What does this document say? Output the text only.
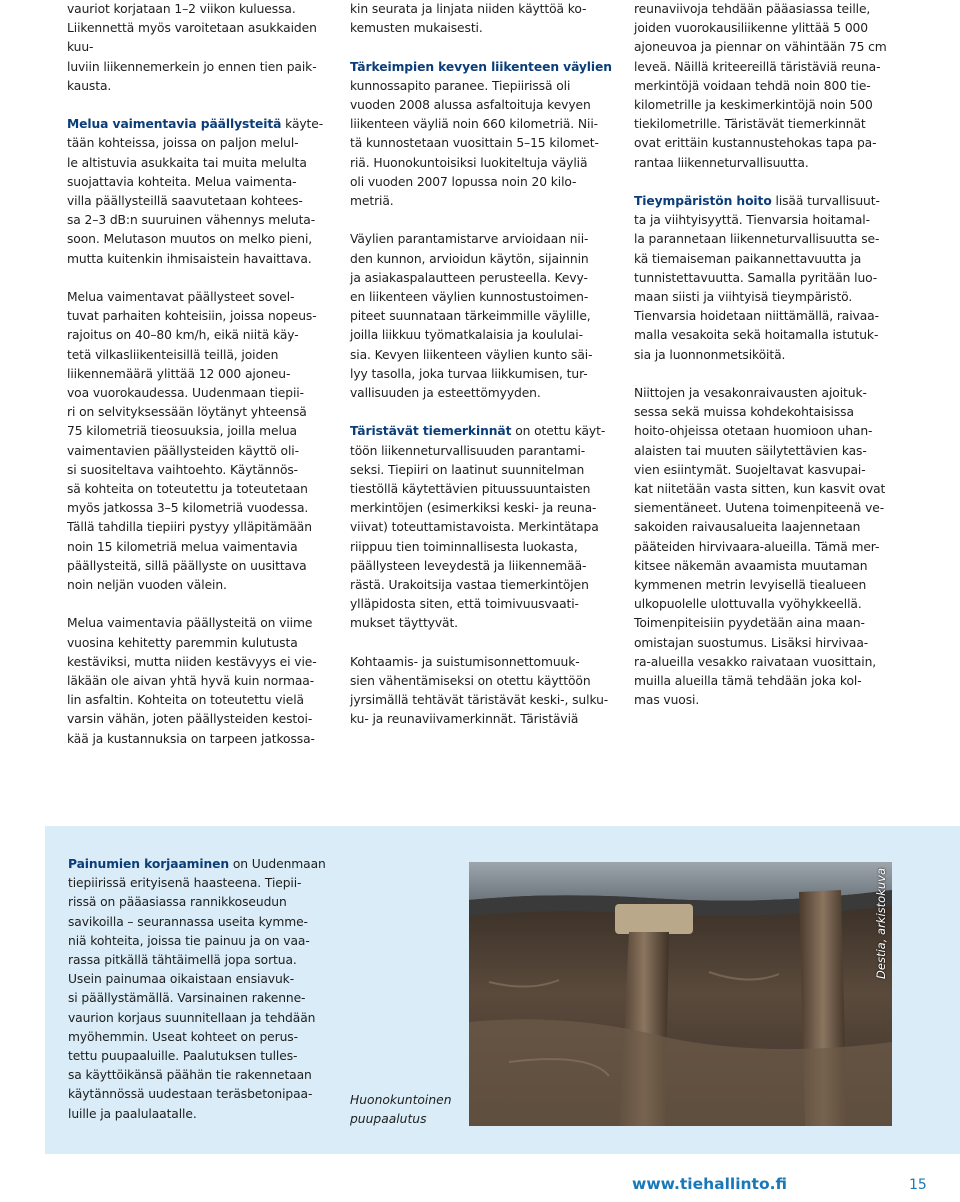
vauriot korjataan 1–2 viikon kuluessa.
Liikennettä myös varoitetaan asukkaiden kuu-
luviin liikennemerkein jo ennen tien paik-
kausta.

Melua vaimentavia päällysteitä käyte-
tään kohteissa, joissa on paljon melul-
le altistuvia asukkaita tai muita melulta
suojattavia kohteita. Melua vaimenta-
villa päällysteillä saavutetaan kohtees-
sa 2–3 dB:n suuruinen vähennys meluta-
soon. Melutason muutos on melko pieni,
mutta kuitenkin ihmisaistein havaittava.

Melua vaimentavat päällysteet sovel-
tuvat parhaiten kohteisiin, joissa nopeus-
rajoitus on 40–80 km/h, eikä niitä käy-
tetä vilkasliikenteisillä teillä, joiden
liikennemäärä ylittää 12 000 ajoneu-
voa vuorokaudessa. Uudenmaan tiepii-
ri on selvityksessään löytänyt yhteensä
75 kilometriä tieosuuksia, joilla melua
vaimentavien päällysteiden käyttö oli-
si suositeltava vaihtoehto. Käytännös-
sä kohteita on toteutettu ja toteutetaan
myös jatkossa 3–5 kilometriä vuodessa.
Tällä tahdilla tiepiiri pystyy ylläpitämään
noin 15 kilometriä melua vaimentavia
päällysteitä, sillä päällyste on uusittava
noin neljän vuoden välein.

Melua vaimentavia päällysteitä on viime
vuosina kehitetty paremmin kulutusta
kestäviksi, mutta niiden kestävyys ei vie-
läkään ole aivan yhtä hyvä kuin normaa-
lin asfaltin. Kohteita on toteutettu vielä
varsin vähän, joten päällysteiden kestoi-
kää ja kustannuksia on tarpeen jatkossa-

kin seurata ja linjata niiden käyttöä ko-
kemusten mukaisesti.

Tärkeimpien kevyen liikenteen väylien kunnossapito paranee. Tiepiirissä oli
vuoden 2008 alussa asfaltoituja kevyen
liikenteen väyliä noin 660 kilometriä. Nii-
tä kunnostetaan vuosittain 5–15 kilomet-
riä. Huonokuntoisiksi luokiteltuja väyliä
oli vuoden 2007 lopussa noin 20 kilo-
metriä.

Väylien parantamistarve arvioidaan nii-
den kunnon, arvioidun käytön, sijainnin
ja asiakaspalautteen perusteella. Kevy-
en liikenteen väylien kunnostustoimen-
piteet suunnataan tärkeimmille väylille,
joilla liikkuu työmatkalaisia ja koululai-
sia. Kevyen liikenteen väylien kunto säi-
lyy tasolla, joka turvaa liikkumisen, tur-
vallisuuden ja esteettömyyden.

Täristävät tiemerkinnät on otettu käyt-
töön liikenneturvallisuuden parantami-
seksi. Tiepiiri on laatinut suunnitelman
tiestöllä käytettävien pituussuuntaisten
merkintöjen (esimerkiksi keski- ja reuna-
viivat) toteuttamistavoista. Merkintätapa
riippuu tien toiminnallisesta luokasta,
päällysteen leveydestä ja liikennemää-
rästä. Urakoitsija vastaa tiemerkintöjen
ylläpidosta siten, että toimivuusvaati-
mukset täyttyvät.

Kohtaamis- ja suistumisonnettomuuk-
sien vähentämiseksi on otettu käyttöön
jyrsimällä tehtävät täristävät keski-, sulku-
ku- ja reunaviivamerkinnät. Täristäviä

reunaviivoja tehdään pääasiassa teille,
joiden vuorokausiliikenne ylittää 5 000
ajoneuvoa ja piennar on vähintään 75 cm
leveä. Näillä kriteereillä täristäviä reuna-
merkintöjä voidaan tehdä noin 800 tie-
kilometrille ja keskimerkintöjä noin 500
tiekilometrille. Täristävät tiemerkinnät
ovat erittäin kustannustehokas tapa pa-
rantaa liikenneturvallisuutta.

Tieympäristön hoito lisää turvallisuut-
ta ja viihtyisyyttä. Tienvarsia hoitamal-
la parannetaan liikenneturvallisuutta se-
kä tiemaiseman paikannettavuutta ja
tunnistettavuutta. Samalla pyritään luo-
maan siisti ja viihtyisä tieympäristö.
Tienvarsia hoidetaan niittämällä, raivaa-
malla vesakoita sekä hoitamalla istutuk-
sia ja luonnonmetsiköitä.

Niittojen ja vesakonraivausten ajoituk-
sessa sekä muissa kohdekohtaisissa
hoito-ohjeissa otetaan huomioon uhan-
alaisten tai muuten säilytettävien kas-
vien esiintymät. Suojeltavat kasvupai-
kat niitetään vasta sitten, kun kasvit ovat
siementäneet. Uutena toimenpiteenä ve-
sakoiden raivausalueita laajennetaan
pääteiden hirvivaara-alueilla. Tämä mer-
kitsee näkemän avaamista muutaman
kymmenen metrin levyisellä tiealueen
ulkopuolelle ulottuvalla vyöhykkeellä.
Toimenpiteisiin pyydetään aina maan-
omistajan suostumus. Lisäksi hirvivaa-
ra-alueilla vesakko raivataan vuosittain,
muilla alueilla tämä tehdään joka kol-
mas vuosi.

Painumien korjaaminen on Uudenmaan
tiepiirissä erityisenä haasteena. Tiepii-
rissä on pääasiassa rannikkoseudun
savikoilla – seurannassa useita kymme-
niä kohteita, joissa tie painuu ja on vaa-
rassa pitkällä tähtäimellä jopa sortua.
Usein painumaa oikaistaan ensiavuk-
si päällystämällä. Varsinainen rakenne-
vaurion korjaus suunnitellaan ja tehdään
myöhemmin. Useat kohteet on perus-
tettu puupaaluille. Paalutuksen tulles-
sa käyttöikänsä päähän tie rakennetaan
käytännössä uudestaan teräsbetonipaa-
luille ja paalulaatalle.
Huonokuntoinen
puupaalutus
Destia, arkistokuva
www.tiehallinto.fi	15
